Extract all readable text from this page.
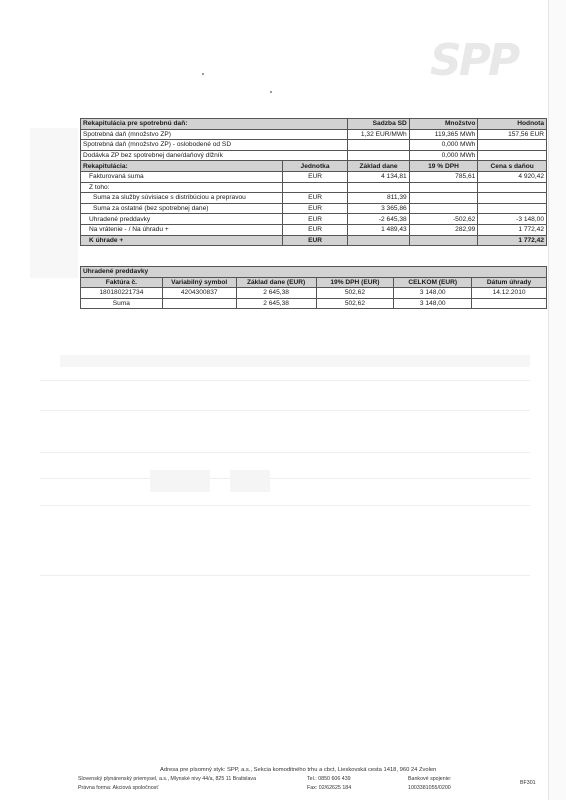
SPP
Rekapitulácia pre spotrebnú daň:		Sadzba SD	Množstvo	Hodnota
Spotrebná daň (množstvo ZP)		1,32 EUR/MWh	119,365 MWh	157,56 EUR
Spotrebná daň (množstvo ZP) - oslobodené od SD			0,000 MWh	
Dodávka ZP bez spotrebnej dane/daňový dlžník			0,000 MWh	
Rekapitulácia:	Jednotka	Základ dane	19 % DPH	Cena s daňou
Fakturovaná suma	EUR	4 134,81	785,61	4 920,42
Z toho:				
Suma za služby súvisiace s distribúciou a prepravou	EUR	811,39		
Suma za ostatné (bez spotrebnej dane)	EUR	3 365,86		
Uhradené preddavky	EUR	-2 645,38	-502,62	-3 148,00
Na vrátenie - / Na úhradu +	EUR	1 489,43	282,99	1 772,42
K úhrade +	EUR			1 772,42
Uhradené preddavky					
Faktúra č.	Variabilný symbol	Základ dane (EUR)	19% DPH (EUR)	CELKOM (EUR)	Dátum úhrady
180180221734	4204300837	2 645,38	502,62	3 148,00	14.12.2010
Suma		2 645,38	502,62	3 148,00	
Adresa pre písomný styk: SPP, a.s., Sekcia komoditného trhu a cbct, Lieskovská cesta 1418, 960 24 Zvolen
Slovenský plynárenský priemysel, a.s., Mlynské nivy 44/a, 825 11 Bratislava
Právna forma: Akciová spoločnosť
Tel.: 0850 606 439
Fax: 02/62625 184
Bankové spojenie:
1003381055/0200
BF301
